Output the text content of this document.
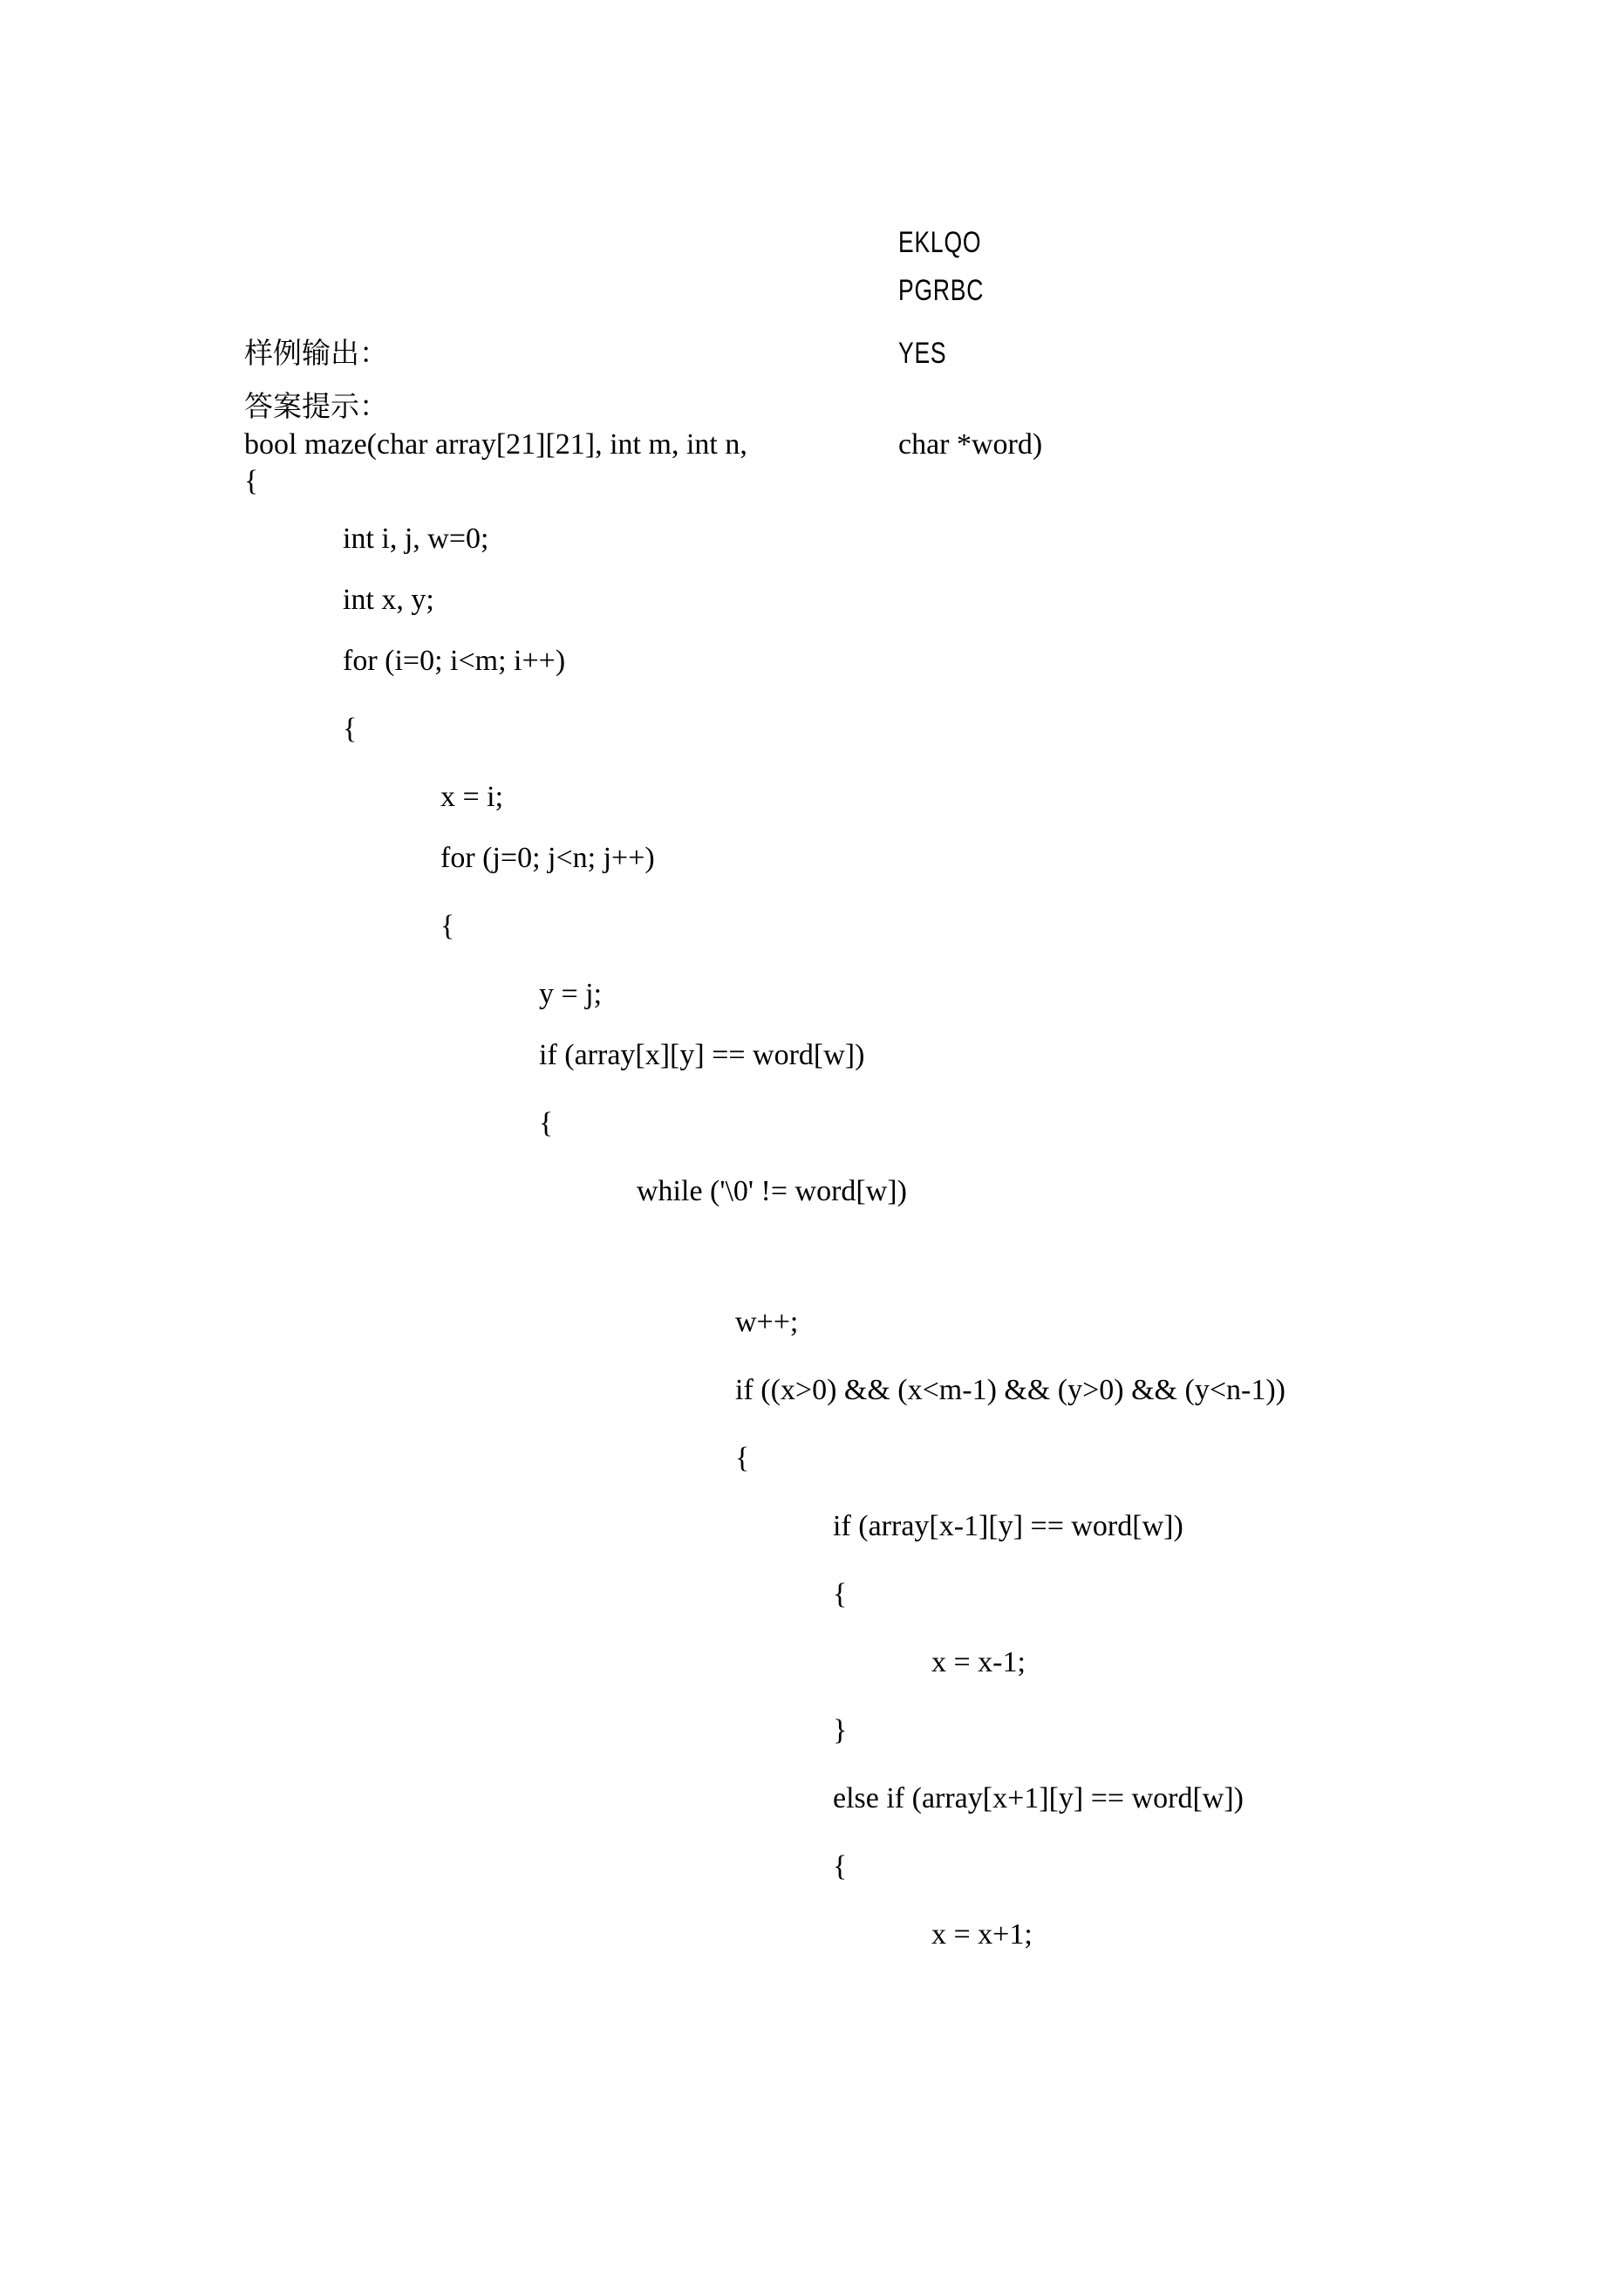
EKLQO
PGRBC
样例输出：	YES
答案提示：
bool maze(char array[21][21], int m, int n,	char *word)
{
int i, j, w=0;
int x, y;
for (i=0; i<m; i++)
{
x = i;
for (j=0; j<n; j++)
{
y = j;
if (array[x][y] == word[w])
{
while ('\0' != word[w])
w++;
if ((x>0) && (x<m-1) && (y>0) && (y<n-1))
{
if (array[x-1][y] == word[w])
{
x = x-1;
}
else if (array[x+1][y] == word[w])
{
x = x+1;
